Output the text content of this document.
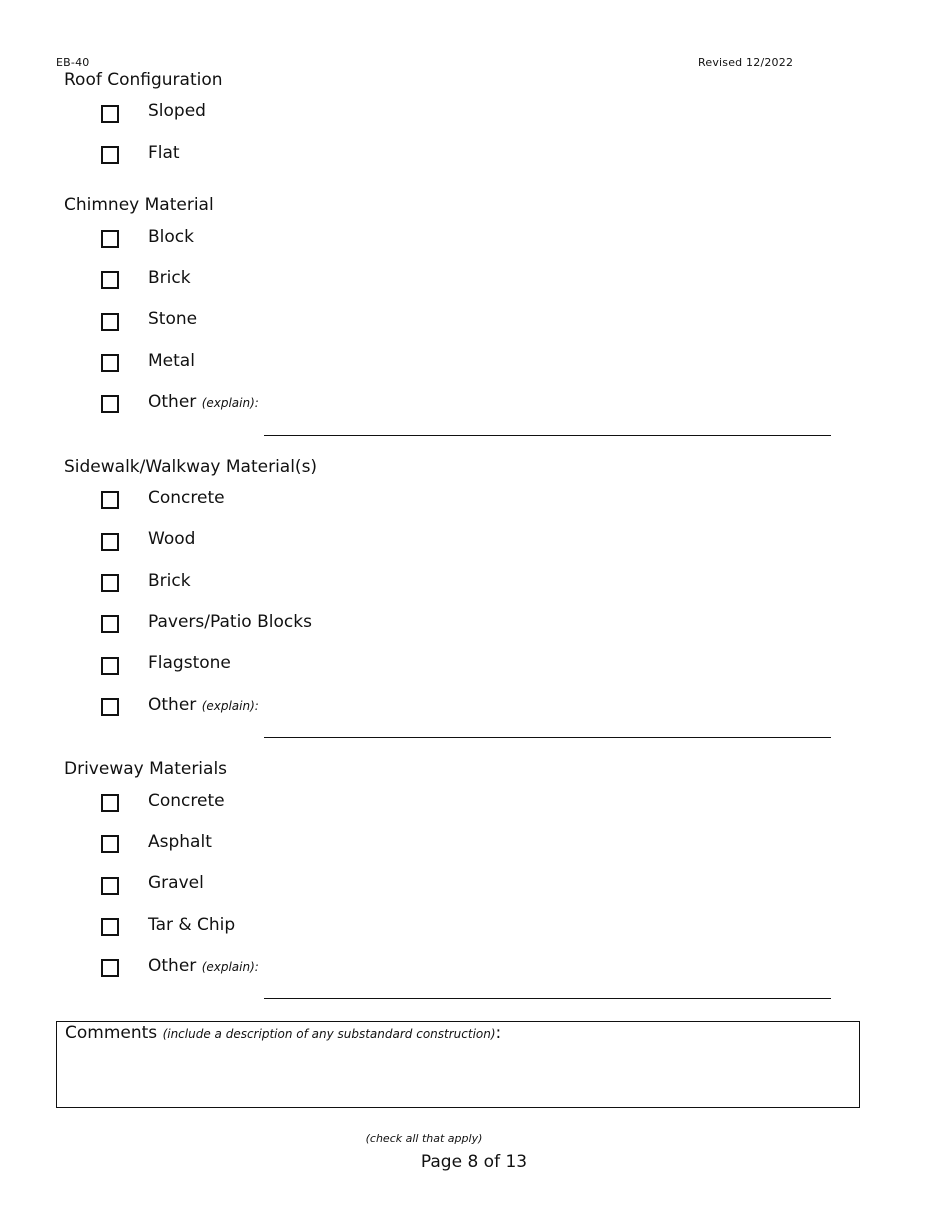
EB-40	Revised 12/2022
Roof Configuration
Sloped
Flat
Chimney Material
Block
Brick
Stone
Metal
Other (explain):
Sidewalk/Walkway Material(s)
Concrete
Wood
Brick
Pavers/Patio Blocks
Flagstone
Other (explain):
Driveway Materials
Concrete
Asphalt
Gravel
Tar & Chip
Other (explain):
Comments (include a description of any substandard construction):
(check all that apply)
Page 8 of 13
